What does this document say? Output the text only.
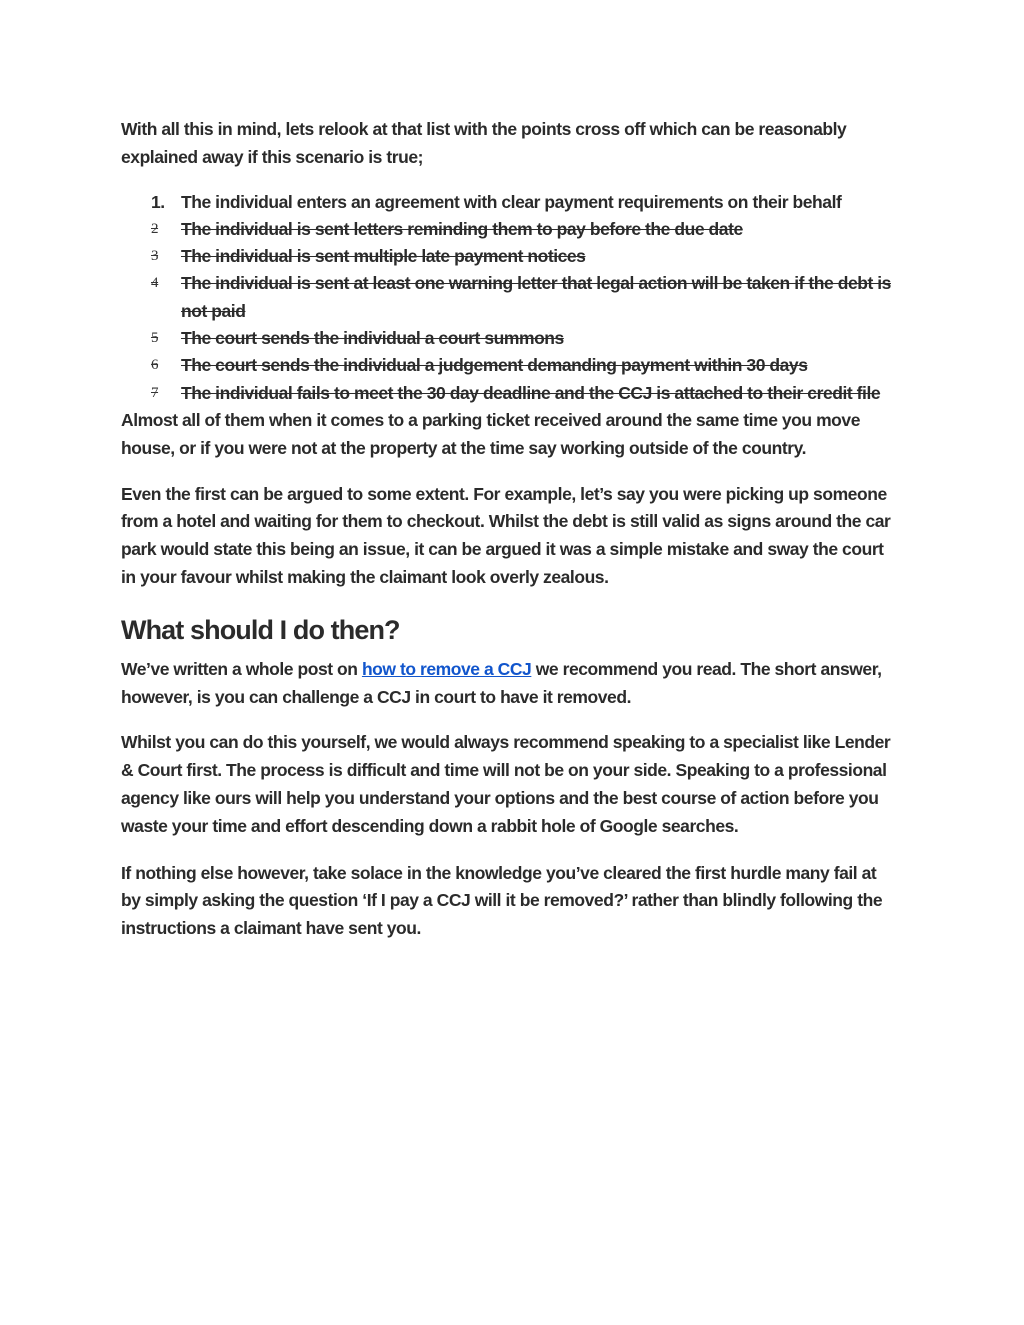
With all this in mind, lets relook at that list with the points cross off which can be reasonably explained away if this scenario is true;

1. The individual enters an agreement with clear payment requirements on their behalf
2	The individual is sent letters reminding them to pay before the due date
3	The individual is sent multiple late payment notices
4	The individual is sent at least one warning letter that legal action will be taken if the debt is not paid
5	The court sends the individual a court summons
6	The court sends the individual a judgement demanding payment within 30 days
7	The individual fails to meet the 30 day deadline and the CCJ is attached to their credit file

Almost all of them when it comes to a parking ticket received around the same time you move house, or if you were not at the property at the time say working outside of the country.

Even the first can be argued to some extent. For example, let’s say you were picking up someone from a hotel and waiting for them to checkout. Whilst the debt is still valid as signs around the car park would state this being an issue, it can be argued it was a simple mistake and sway the court in your favour whilst making the claimant look overly zealous.

What should I do then?

We’ve written a whole post on how to remove a CCJ we recommend you read. The short answer, however, is you can challenge a CCJ in court to have it removed.

Whilst you can do this yourself, we would always recommend speaking to a specialist like Lender & Court first. The process is difficult and time will not be on your side. Speaking to a professional agency like ours will help you understand your options and the best course of action before you waste your time and effort descending down a rabbit hole of Google searches.

If nothing else however, take solace in the knowledge you’ve cleared the first hurdle many fail at by simply asking the question ‘If I pay a CCJ will it be removed?’ rather than blindly following the instructions a claimant have sent you.
